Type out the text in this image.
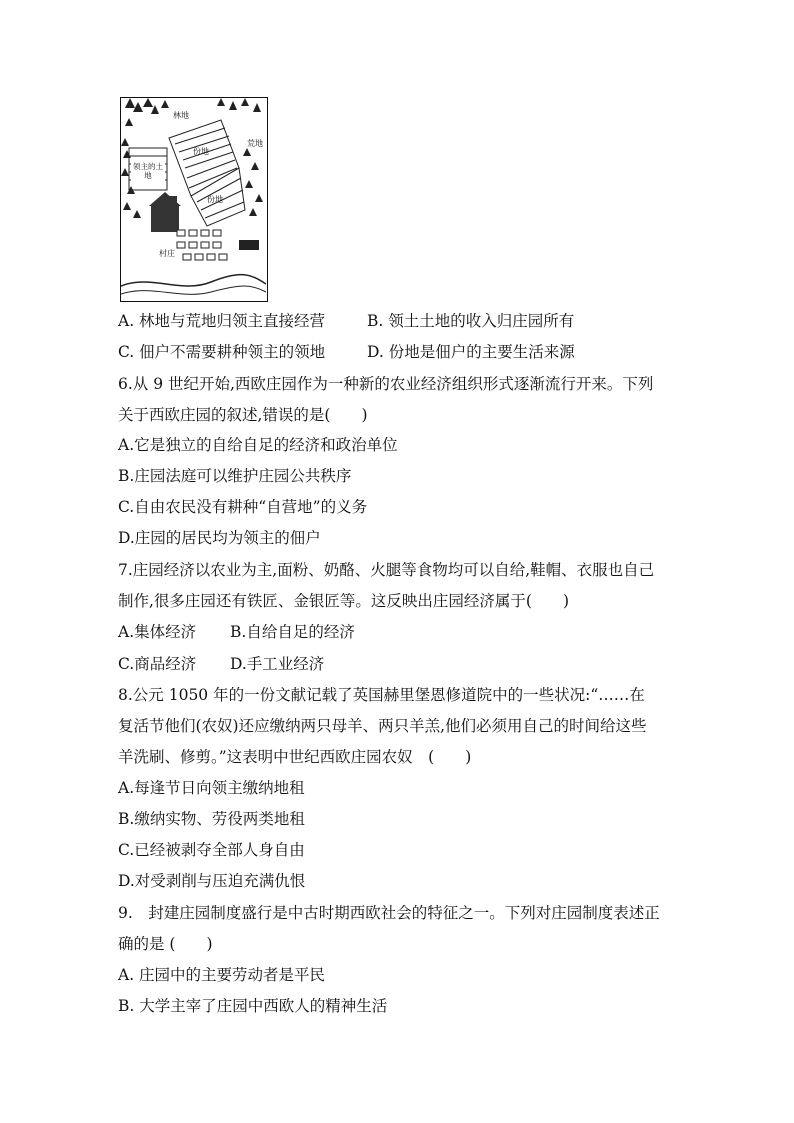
林地
荒地
份地
份地
村庄
领主的土地
A. 林地与荒地归领主直接经营	B. 领土土地的收入归庄园所有
C. 佃户不需要耕种领主的领地	D. 份地是佃户的主要生活来源
6.从 9 世纪开始,西欧庄园作为一种新的农业经济组织形式逐渐流行开来。下列
关于西欧庄园的叙述,错误的是(　　)
A.它是独立的自给自足的经济和政治单位
B.庄园法庭可以维护庄园公共秩序
C.自由农民没有耕种“自营地”的义务
D.庄园的居民均为领主的佃户
7.庄园经济以农业为主,面粉、奶酪、火腿等食物均可以自给,鞋帽、衣服也自己
制作,很多庄园还有铁匠、金银匠等。这反映出庄园经济属于(　　)
A.集体经济	B.自给自足的经济
C.商品经济	D.手工业经济
8.公元 1050 年的一份文献记载了英国赫里堡恩修道院中的一些状况:“……在
复活节他们(农奴)还应缴纳两只母羊、两只羊羔,他们必须用自己的时间给这些
羊洗刷、修剪。”这表明中世纪西欧庄园农奴　(　　)
A.每逢节日向领主缴纳地租
B.缴纳实物、劳役两类地租
C.已经被剥夺全部人身自由
D.对受剥削与压迫充满仇恨
9.　封建庄园制度盛行是中古时期西欧社会的特征之一。下列对庄园制度表述正
确的是 (　　)
A. 庄园中的主要劳动者是平民
B. 大学主宰了庄园中西欧人的精神生活
